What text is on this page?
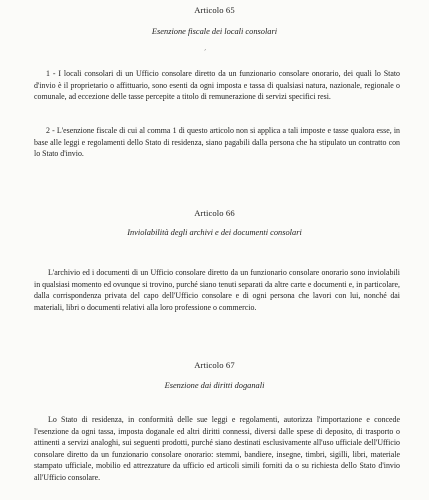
Articolo 65
Esenzione fiscale dei locali consolari

1 - I locali consolari di un Ufficio consolare diretto da un funzionario consolare onorario, dei quali lo Stato d'invio è il proprietario o affittuario, sono esenti da ogni imposta e tassa di qualsiasi natura, nazionale, regionale o comunale, ad eccezione delle tasse percepite a titolo di remunerazione di servizi specifici resi.

2 - L'esenzione fiscale di cui al comma 1 di questo articolo non si applica a tali imposte e tasse qualora esse, in base alle leggi e regolamenti dello Stato di residenza, siano pagabili dalla persona che ha stipulato un contratto con lo Stato d'invio.

Articolo 66
Inviolabilità degli archivi e dei documenti consolari

L'archivio ed i documenti di un Ufficio consolare diretto da un funzionario consolare onorario sono inviolabili in qualsiasi momento ed ovunque si trovino, purché siano tenuti separati da altre carte e documenti e, in particolare, dalla corrispondenza privata del capo dell'Ufficio consolare e di ogni persona che lavori con lui, nonché dai materiali, libri o documenti relativi alla loro professione o commercio.

Articolo 67
Esenzione dai diritti doganali

Lo Stato di residenza, in conformità delle sue leggi e regolamenti, autorizza l'importazione e concede l'esenzione da ogni tassa, imposta doganale ed altri diritti connessi, diversi dalle spese di deposito, di trasporto o attinenti a servizi analoghi, sui seguenti prodotti, purché siano destinati esclusivamente all'uso ufficiale dell'Ufficio consolare diretto da un funzionario consolare onorario: stemmi, bandiere, insegne, timbri, sigilli, libri, materiale stampato ufficiale, mobilio ed attrezzature da ufficio ed articoli simili forniti da o su richiesta dello Stato d'invio all'Ufficio consolare.
